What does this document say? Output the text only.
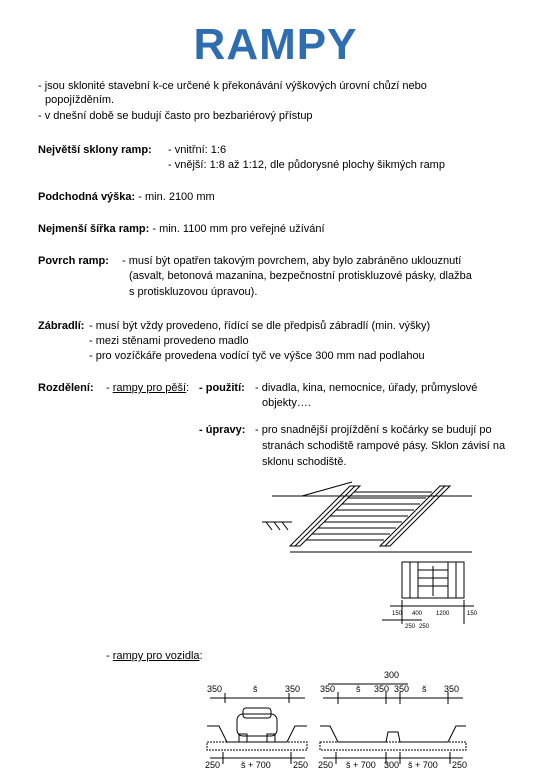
RAMPY
- jsou sklonité stavební k-ce určené k překonávání výškových úrovní chůzí nebo
popojížděním.
- v dnešní době se budují často pro bezbariérový přístup
Největší sklony ramp: - vnitřní: 1:6
- vnější: 1:8 až 1:12, dle půdorysné plochy šikmých ramp
Podchodná výška: - min. 2100 mm
Nejmenší šířka ramp: - min. 1100 mm pro veřejné užívání
Povrch ramp: - musí být opatřen takovým povrchem, aby bylo zabráněno uklouznutí
(asvalt, betonová mazanina, bezpečnostní protiskluzové pásky, dlažba
s protiskluzovou úpravou).
Zábradlí: - musí být vždy provedeno, řídící se dle předpisů zábradlí (min. výšky)
- mezi stěnami provedeno madlo
- pro vozíčkáře provedena vodící tyč ve výšce 300 mm nad podlahou
Rozdělení: - rampy pro pěší: - použití: - divadla, kina, nemocnice, úřady, průmyslové
objekty….
- úpravy: - pro snadnější projíždění s kočárky se budují po
stranách schodiště rampové pásy. Sklon závisí na
sklonu schodiště.
150 400 1200	150
250 250
- rampy pro vozidla:
350	š	350
250 š + 700 250
300
350 š 350 350 š 350
250 š + 700 300 š + 700 250
